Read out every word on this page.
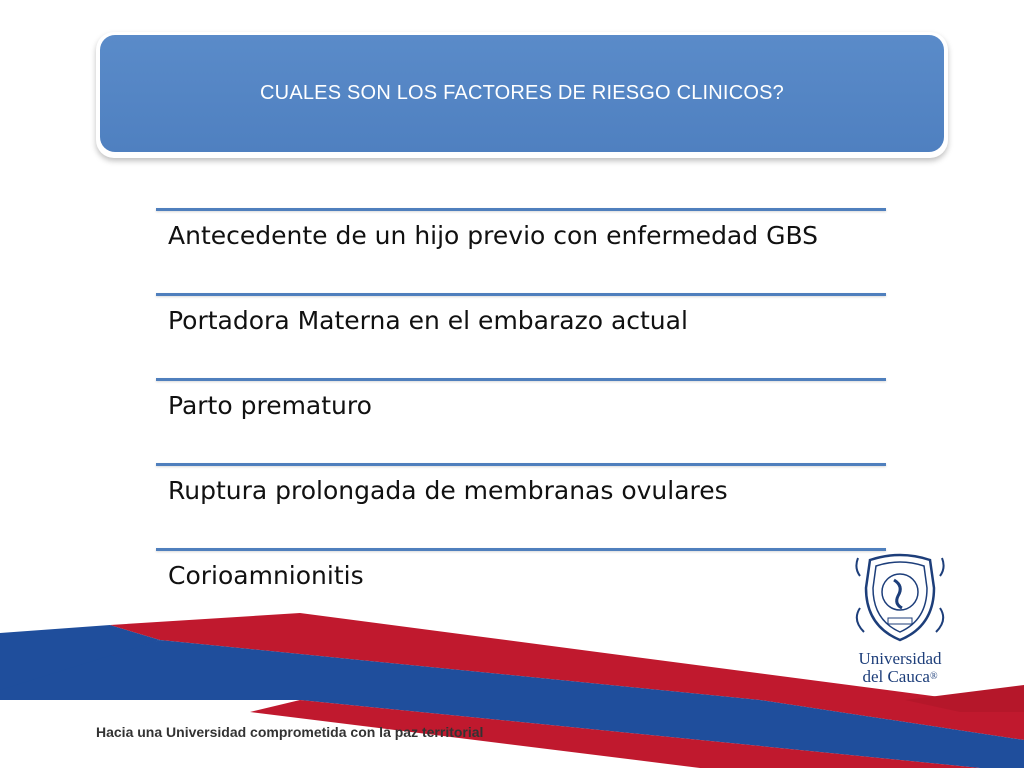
CUALES SON LOS FACTORES DE RIESGO CLINICOS?
Antecedente de un hijo previo con enfermedad GBS
Portadora Materna en el embarazo actual
Parto prematuro
Ruptura prolongada de membranas ovulares
Corioamnionitis
Universidad
del Cauca®
Hacia una Universidad comprometida con la paz territorial
